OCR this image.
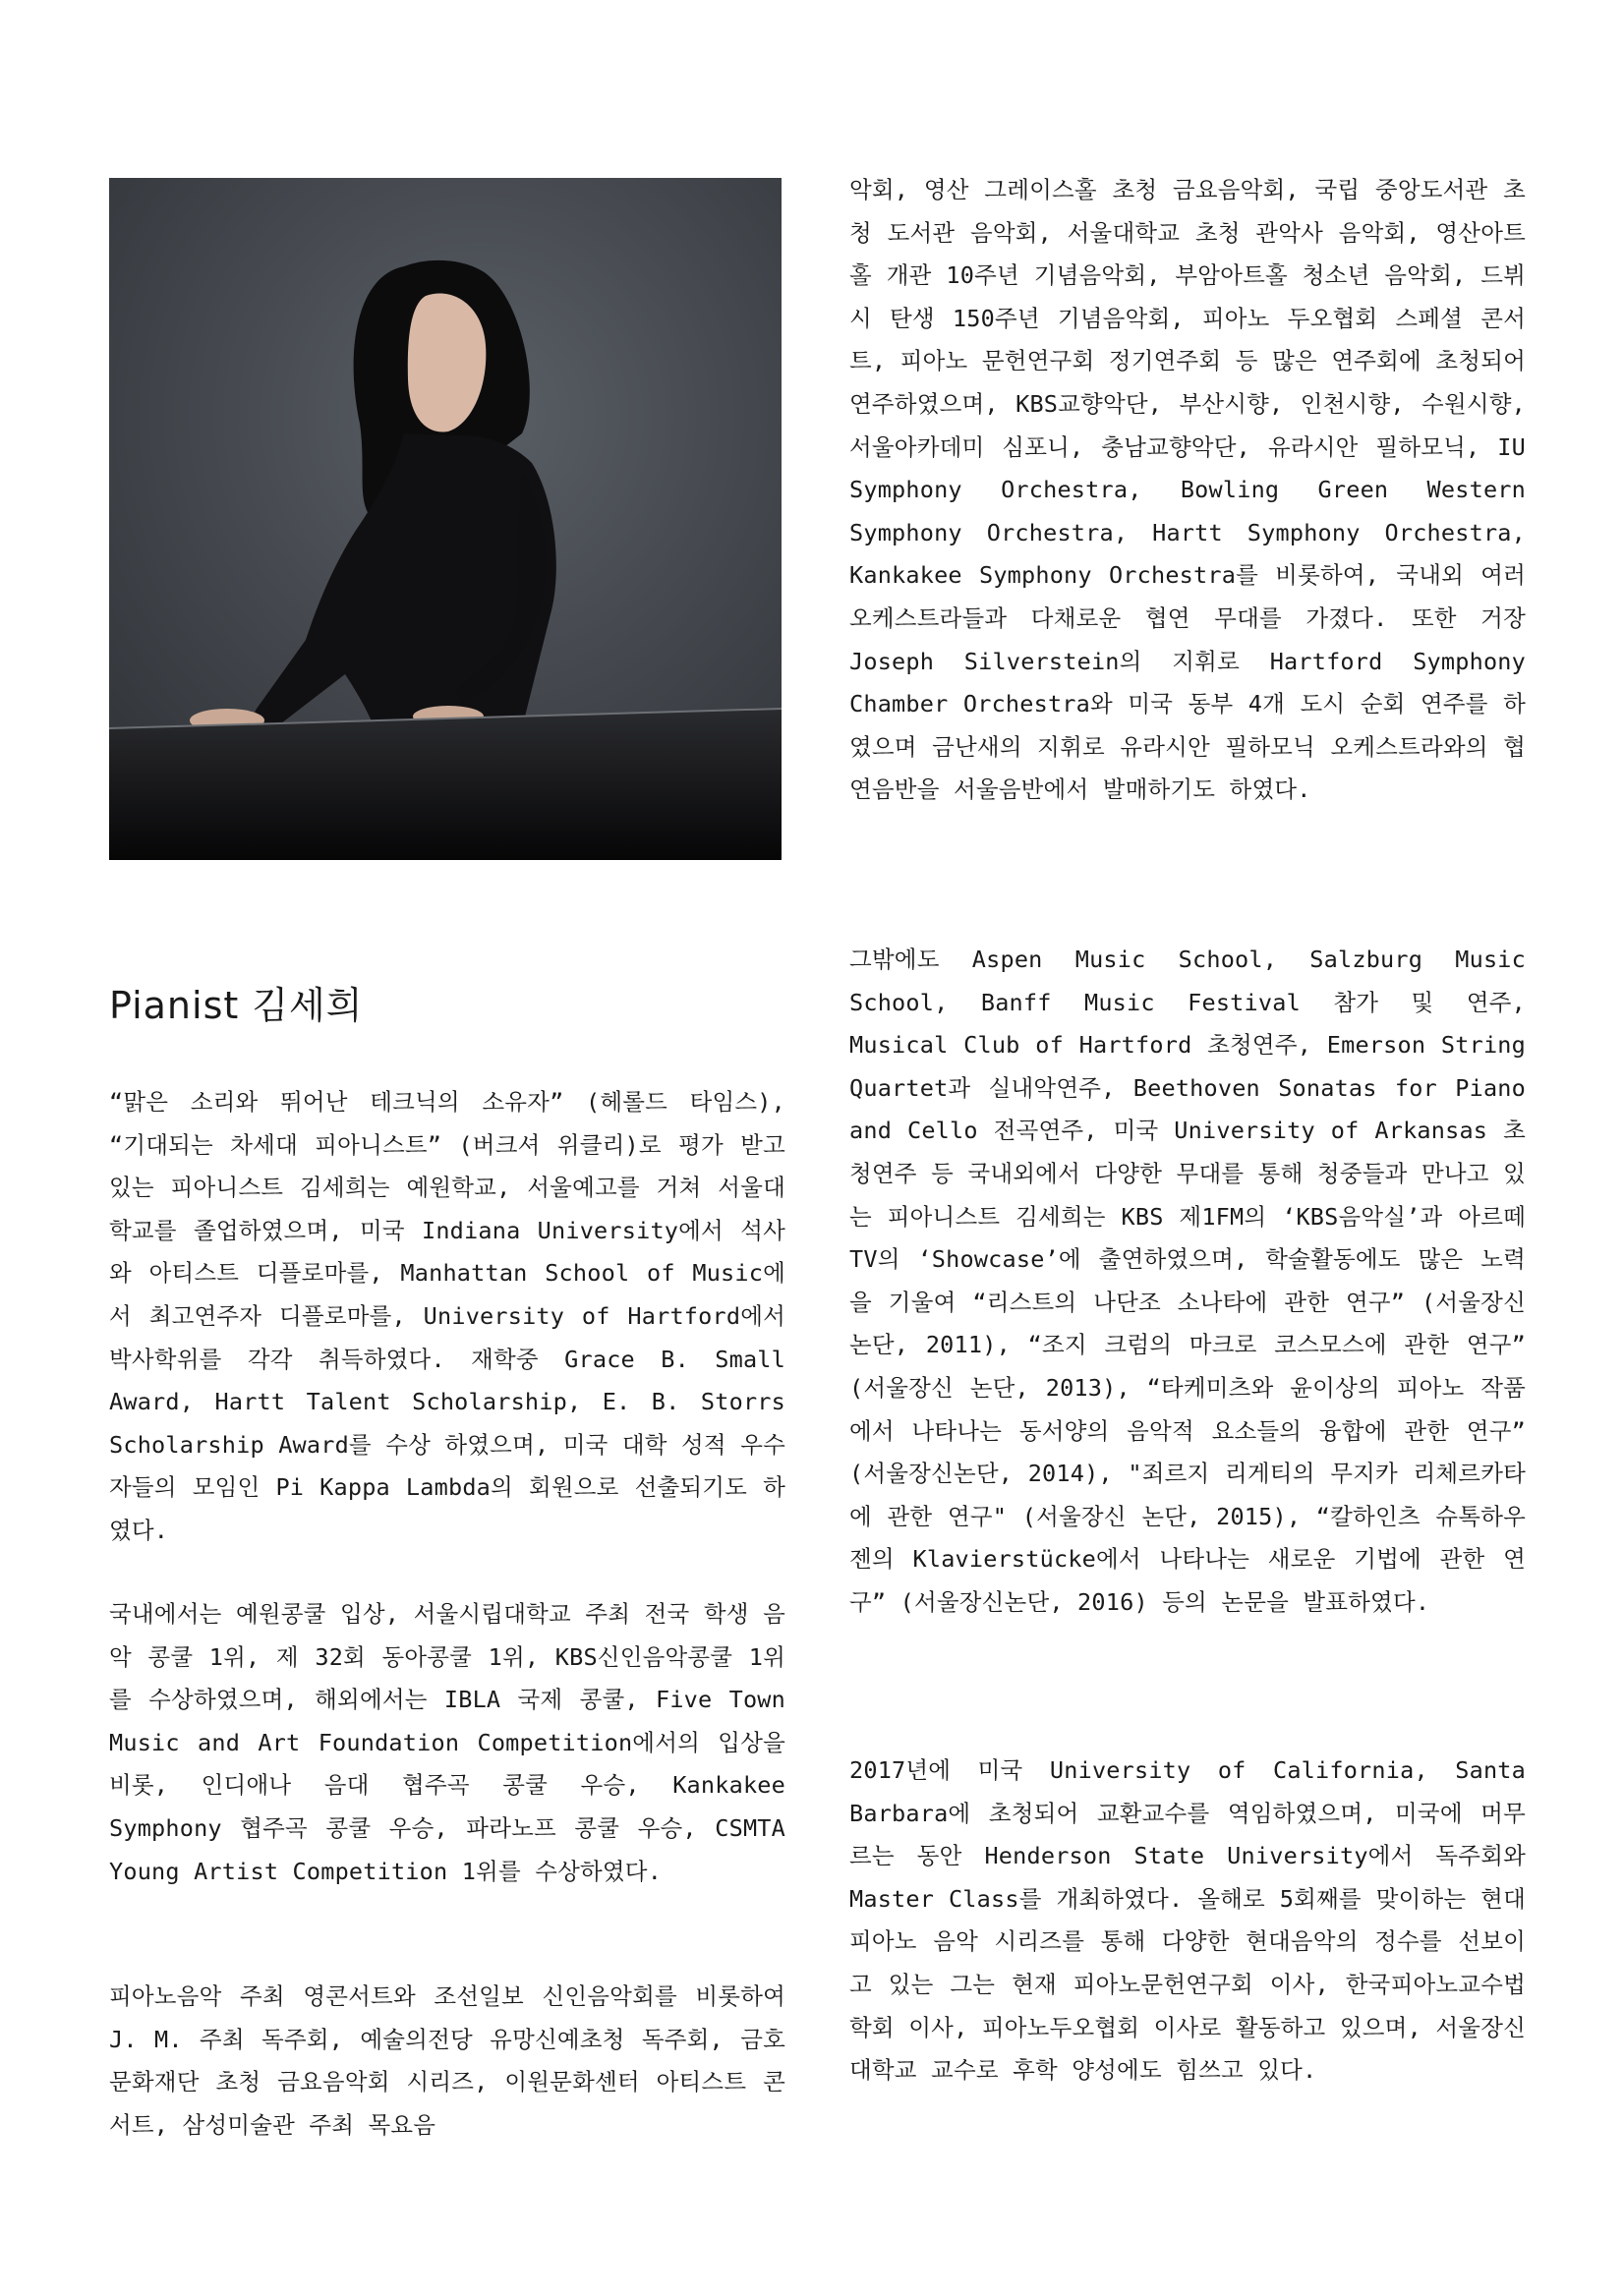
Pianist 김세희

“맑은 소리와 뛰어난 테크닉의 소유자” (헤롤드 타임스), “기대되는 차세대 피아니스트” (버크셔 위클리)로 평가 받고있는 피아니스트 김세희는 예원학교, 서울예고를 거쳐 서울대학교를 졸업하였으며, 미국 Indiana University에서 석사와 아티스트 디플로마를, Manhattan School of Music에서 최고연주자 디플로마를, University of Hartford에서 박사학위를 각각 취득하였다. 재학중 Grace B. Small Award, Hartt Talent Scholarship, E. B. Storrs Scholarship Award를 수상 하였으며, 미국 대학 성적 우수자들의 모임인 Pi Kappa Lambda의 회원으로 선출되기도 하였다.

국내에서는 예원콩쿨 입상, 서울시립대학교 주최 전국 학생 음악 콩쿨 1위, 제 32회 동아콩쿨 1위, KBS신인음악콩쿨 1위를 수상하였으며, 해외에서는 IBLA 국제 콩쿨, Five Town Music and Art Foundation Competition에서의 입상을 비롯, 인디애나 음대 협주곡 콩쿨 우승, Kankakee Symphony 협주곡 콩쿨 우승, 파라노프 콩쿨 우승, CSMTA Young Artist Competition 1위를 수상하였다.

피아노음악 주최 영콘서트와 조선일보 신인음악회를 비롯하여 J. M. 주최 독주회, 예술의전당 유망신예초청 독주회, 금호문화재단 초청 금요음악회 시리즈, 이원문화센터 아티스트 콘서트, 삼성미술관 주최 목요음

악회, 영산 그레이스홀 초청 금요음악회, 국립 중앙도서관 초청 도서관 음악회, 서울대학교 초청 관악사 음악회, 영산아트홀 개관 10주년 기념음악회, 부암아트홀 청소년 음악회, 드뷔시 탄생 150주년 기념음악회, 피아노 두오협회 스페셜 콘서트, 피아노 문헌연구회 정기연주회 등 많은 연주회에 초청되어 연주하였으며, KBS교향악단, 부산시향, 인천시향, 수원시향, 서울아카데미 심포니, 충남교향악단, 유라시안 필하모닉, IU Symphony Orchestra, Bowling Green Western Symphony Orchestra, Hartt Symphony Orchestra, Kankakee Symphony Orchestra를 비롯하여, 국내외 여러 오케스트라들과 다채로운 협연 무대를 가졌다. 또한 거장 Joseph Silverstein의 지휘로 Hartford Symphony Chamber Orchestra와 미국 동부 4개 도시 순회 연주를 하였으며 금난새의 지휘로 유라시안 필하모닉 오케스트라와의 협연음반을 서울음반에서 발매하기도 하였다.

그밖에도 Aspen Music School, Salzburg Music School, Banff Music Festival 참가 및 연주, Musical Club of Hartford 초청연주, Emerson String Quartet과 실내악연주, Beethoven Sonatas for Piano and Cello 전곡연주, 미국 University of Arkansas 초청연주 등 국내외에서 다양한 무대를 통해 청중들과 만나고 있는 피아니스트 김세희는 KBS 제1FM의 ‘KBS음악실’과 아르떼TV의 ‘Showcase’에 출연하였으며, 학술활동에도 많은 노력을 기울여 “리스트의 나단조 소나타에 관한 연구” (서울장신논단, 2011), “조지 크럼의 마크로 코스모스에 관한 연구” (서울장신 논단, 2013), “타케미츠와 윤이상의 피아노 작품에서 나타나는 동서양의 음악적 요소들의 융합에 관한 연구” (서울장신논단, 2014), "죄르지 리게티의 무지카 리체르카타에 관한 연구" (서울장신 논단, 2015), “칼하인츠 슈톡하우젠의 Klavierstücke에서 나타나는 새로운 기법에 관한 연구” (서울장신논단, 2016) 등의 논문을 발표하였다.

2017년에 미국 University of California, Santa Barbara에 초청되어 교환교수를 역임하였으며, 미국에 머무르는 동안 Henderson State University에서 독주회와 Master Class를 개최하였다. 올해로 5회째를 맞이하는 현대피아노 음악 시리즈를 통해 다양한 현대음악의 정수를 선보이고 있는 그는 현재 피아노문헌연구회 이사, 한국피아노교수법학회 이사, 피아노두오협회 이사로 활동하고 있으며, 서울장신대학교 교수로 후학 양성에도 힘쓰고 있다.
